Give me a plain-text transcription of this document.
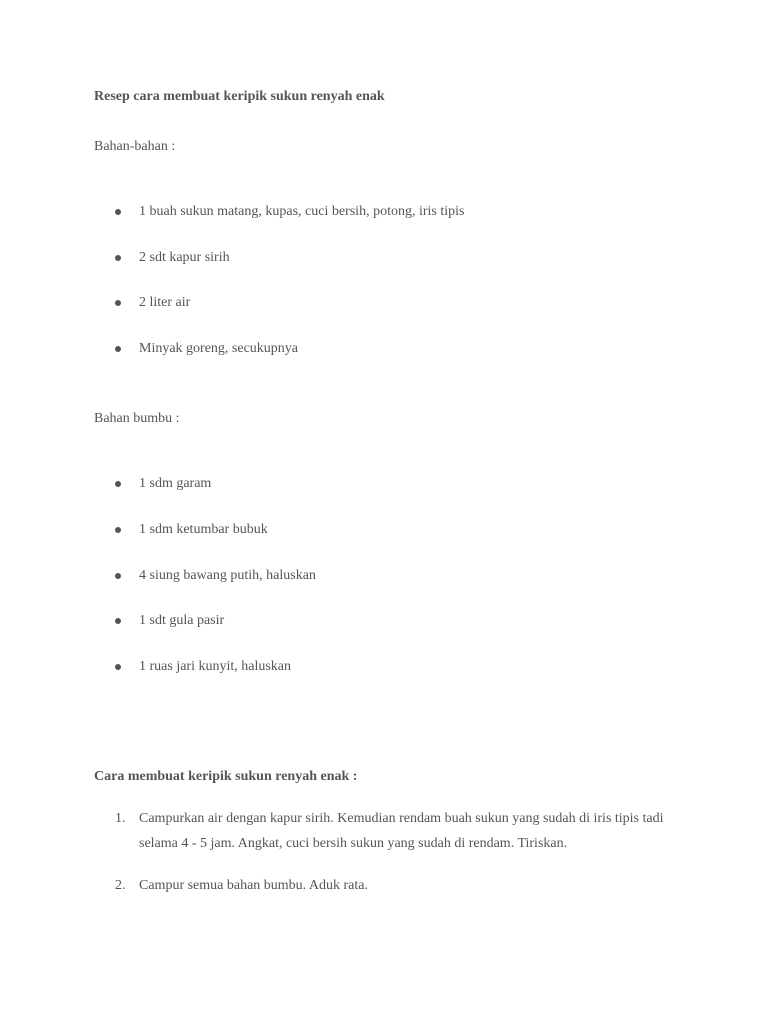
Resep cara membuat keripik sukun renyah enak

Bahan-bahan :

1 buah sukun matang, kupas, cuci bersih, potong, iris tipis
2 sdt kapur sirih
2 liter air
Minyak goreng, secukupnya

Bahan bumbu :

1 sdm garam
1 sdm ketumbar bubuk
4 siung bawang putih, haluskan
1 sdt gula pasir
1 ruas jari kunyit, haluskan

Cara membuat keripik sukun renyah enak :

1. Campurkan air dengan kapur sirih. Kemudian rendam buah sukun yang sudah di iris tipis tadi selama 4 - 5 jam. Angkat, cuci bersih sukun yang sudah di rendam. Tiriskan.
2. Campur semua bahan bumbu. Aduk rata.
